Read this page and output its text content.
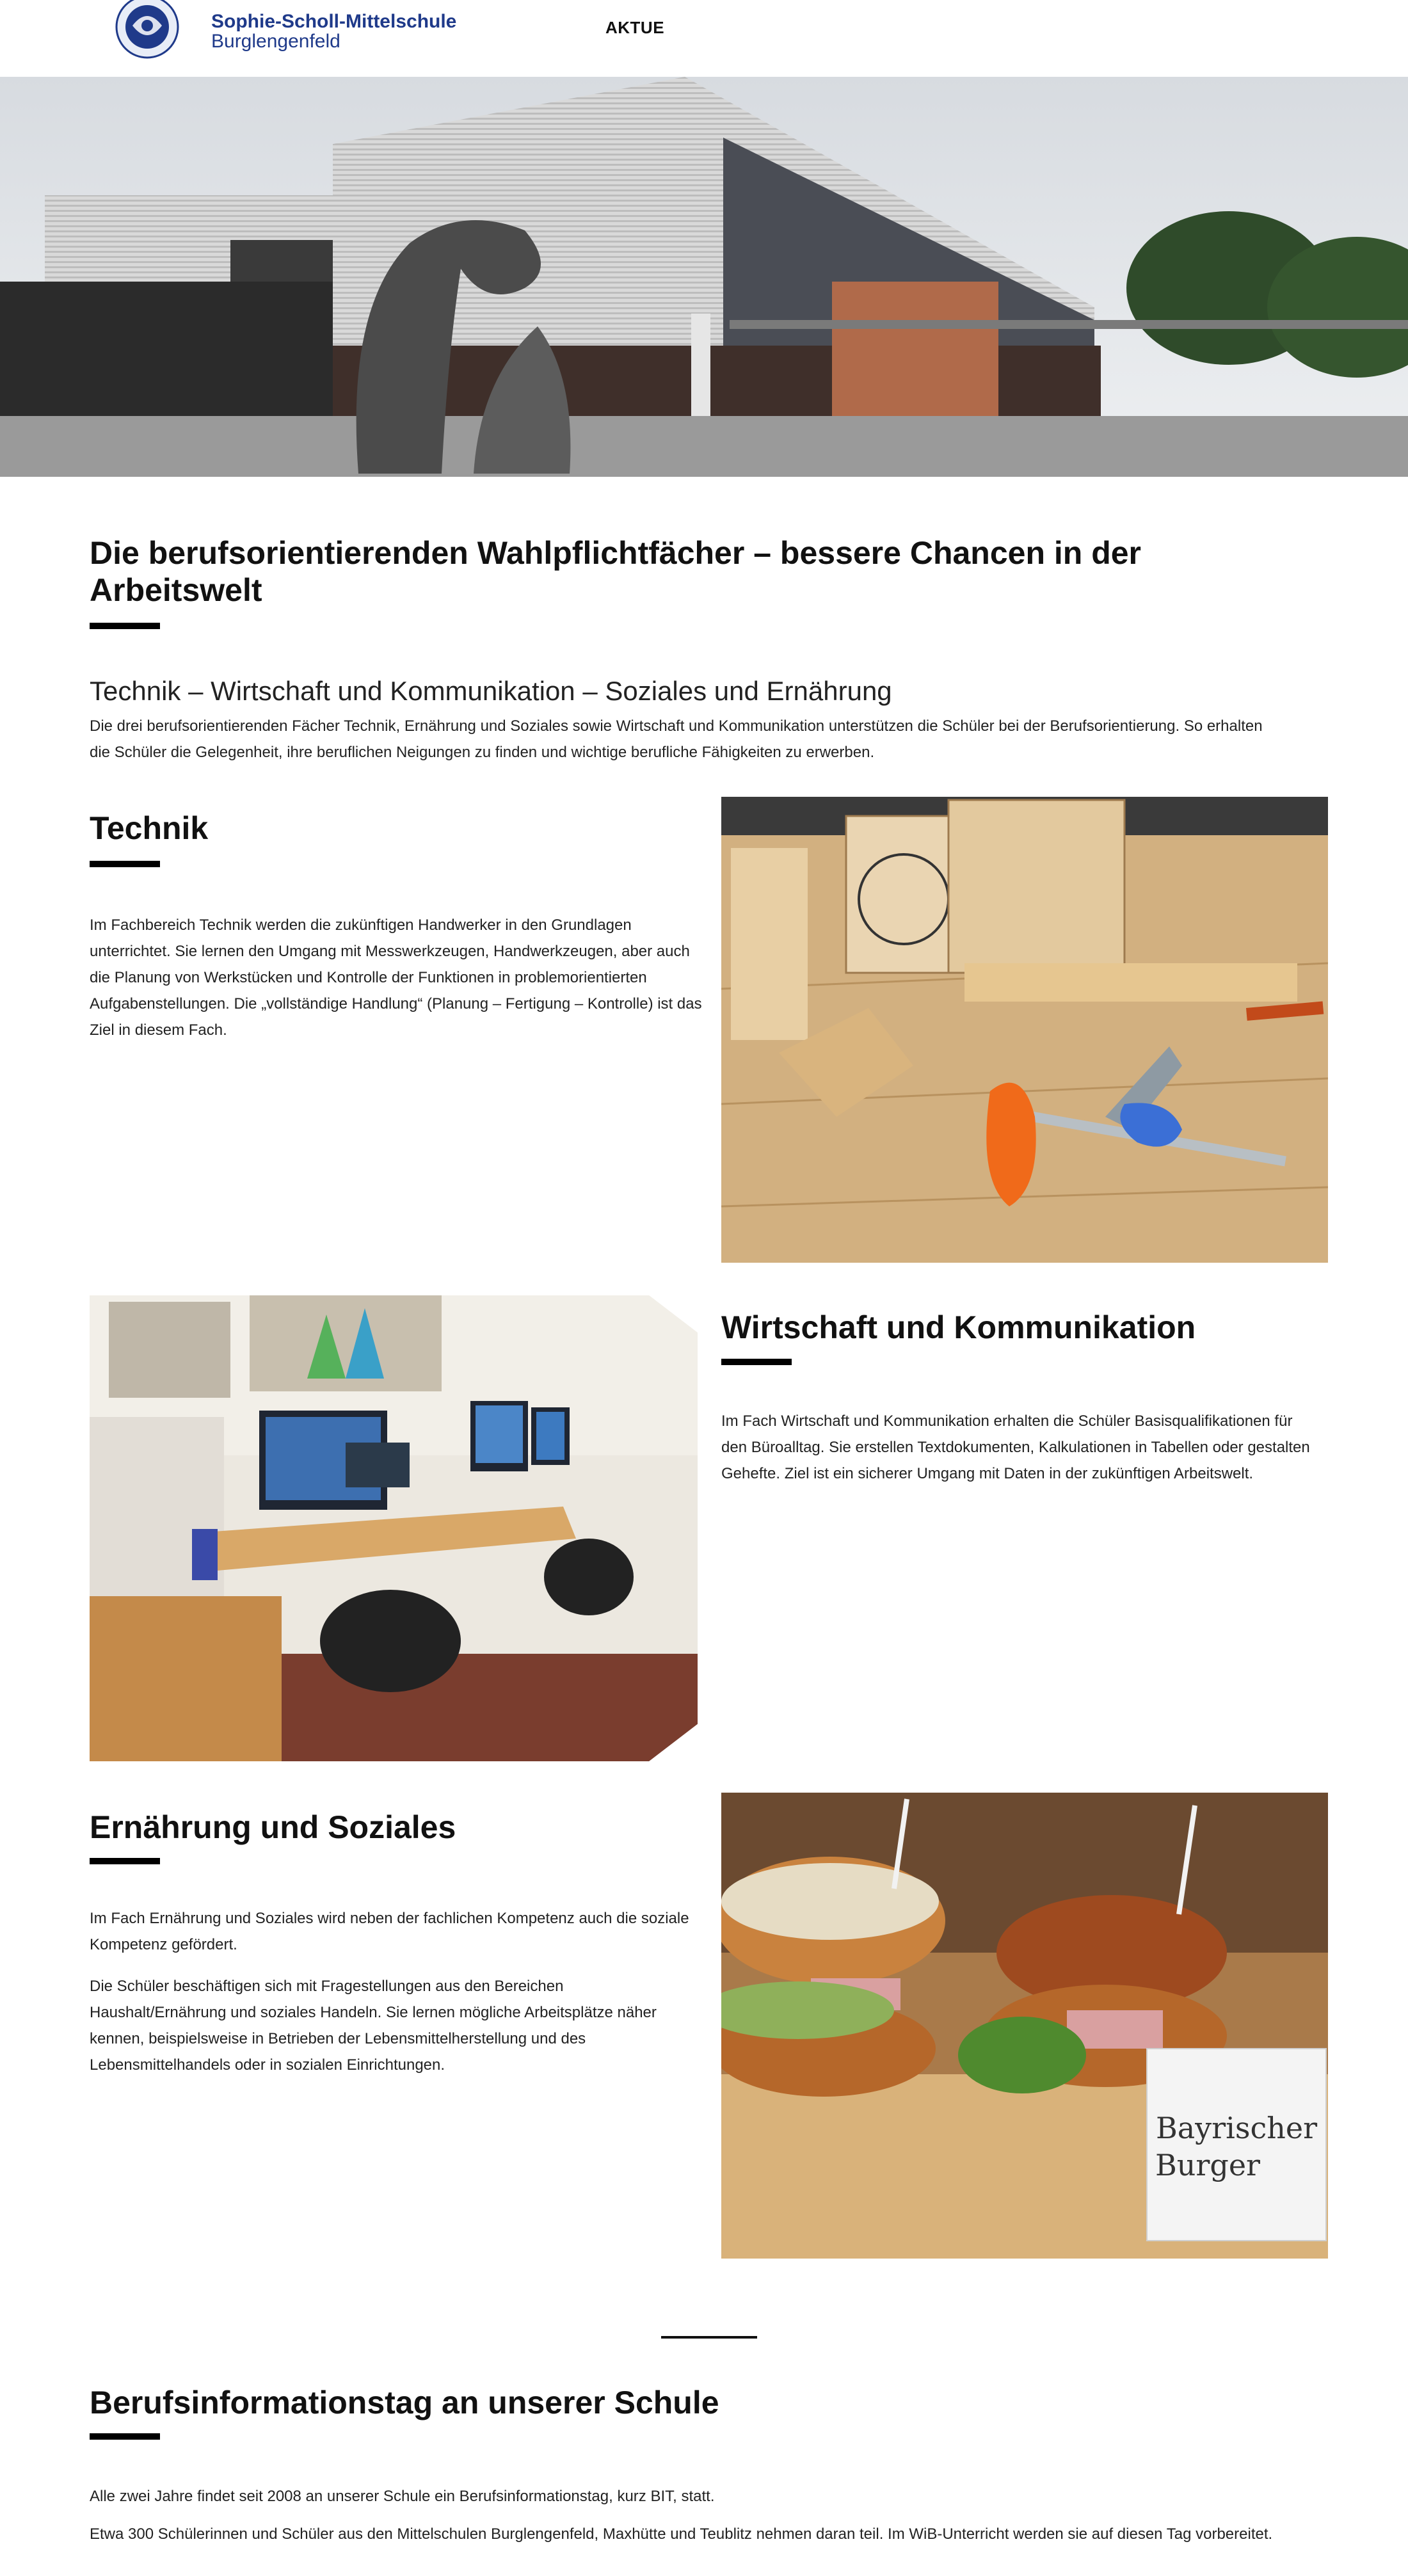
Sophie-Scholl-Mittelschule
Burglengenfeld
AKTUE
Die berufsorientierenden Wahlpflichtfächer – bessere Chancen in der Arbeitswelt
Technik – Wirtschaft und Kommunikation – Soziales und Ernährung
Die drei berufsorientierenden Fächer Technik, Ernährung und Soziales sowie Wirtschaft und Kommunikation unterstützen die Schüler bei der Berufsorientierung. So erhalten die Schüler die Gelegenheit, ihre beruflichen Neigungen zu finden und wichtige berufliche Fähigkeiten zu erwerben.
Technik
Im Fachbereich Technik werden die zukünftigen Handwerker in den Grundlagen unterrichtet. Sie lernen den Umgang mit Messwerkzeugen, Handwerkzeugen, aber auch die Planung von Werkstücken und Kontrolle der Funktionen in problemorientierten Aufgabenstellungen. Die „vollständige Handlung“ (Planung – Fertigung – Kontrolle) ist das Ziel in diesem Fach.
Wirtschaft und Kommunikation
Im Fach Wirtschaft und Kommunikation erhalten die Schüler Basisqualifikationen für den Büroalltag. Sie erstellen Textdokumenten, Kalkulationen in Tabellen oder gestalten Gehefte. Ziel ist ein sicherer Umgang mit Daten in der zukünftigen Arbeitswelt.
Ernährung und Soziales
Im Fach Ernährung und Soziales wird neben der fachlichen Kompetenz auch die soziale Kompetenz gefördert.
Die Schüler beschäftigen sich mit Fragestellungen aus den Bereichen Haushalt/Ernährung und soziales Handeln. Sie lernen mögliche Arbeitsplätze näher kennen, beispielsweise in Betrieben der Lebensmittelherstellung und des Lebensmittelhandels oder in sozialen Einrichtungen.
Bayrischer
Burger
Berufsinformationstag an unserer Schule
Alle zwei Jahre findet seit 2008 an unserer Schule ein Berufsinformationstag, kurz BIT, statt.
Etwa 300 Schülerinnen und Schüler aus den Mittelschulen Burglengenfeld, Maxhütte und Teublitz nehmen daran teil. Im WiB-Unterricht werden sie auf diesen Tag vorbereitet.
